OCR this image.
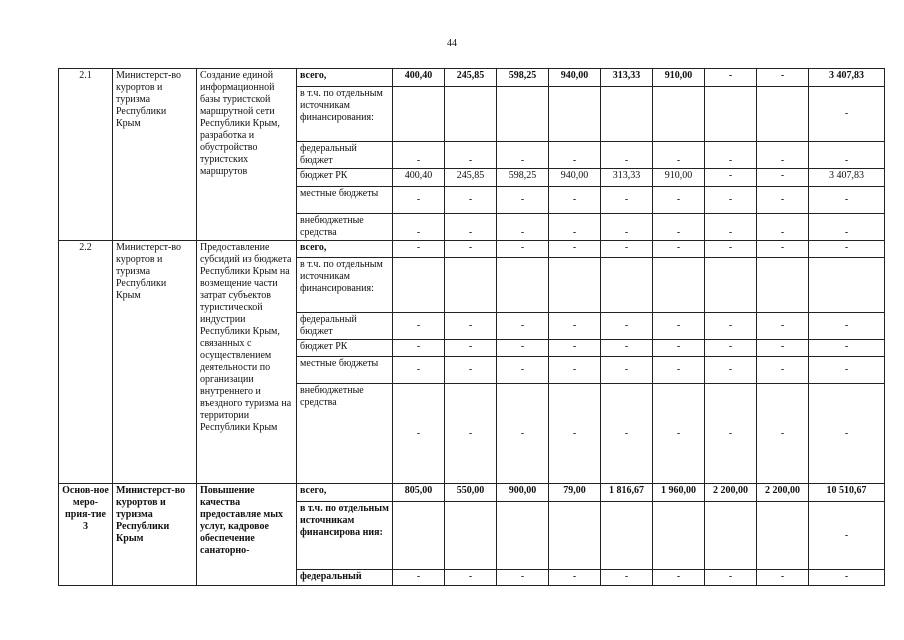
44
2.1	Министерст-во курортов и туризма Республики Крым	Создание единой информационной базы туристской маршрутной сети Республики Крым, разработка и обустройство туристских маршрутов	всего,	400,40	245,85	598,25	940,00	313,33	910,00	-	-	3 407,83
			в т.ч. по отдельным источникам финансирования:									-
			федеральный бюджет	-	-	-	-	-	-	-	-	-
			бюджет РК	400,40	245,85	598,25	940,00	313,33	910,00	-	-	3 407,83
			местные бюджеты	-	-	-	-	-	-	-	-	-
			внебюджетные средства	-	-	-	-	-	-	-	-	-
2.2	Министерст-во курортов и туризма Республики Крым	Предоставление субсидий из бюджета Республики Крым на возмещение части затрат субъектов туристической индустрии Республики Крым, связанных с осуществлением деятельности по организации внутреннего и въездного туризма на территории Республики Крым	всего,	-	-	-	-	-	-	-	-	-
			в т.ч. по отдельным источникам финансирования:									
			федеральный бюджет	-	-	-	-	-	-	-	-	-
			бюджет РК	-	-	-	-	-	-	-	-	-
			местные бюджеты	-	-	-	-	-	-	-	-	-
			внебюджетные средства	-	-	-	-	-	-	-	-	-
Основ-ное меро-прия-тие 3	Министерст-во курортов и туризма Республики Крым	Повышение качества предоставляе мых услуг, кадровое обеспечение санаторно-	всего,	805,00	550,00	900,00	79,00	1 816,67	1 960,00	2 200,00	2 200,00	10 510,67
			в т.ч. по отдельным источникам финансирова ния:									-
			федеральный	-	-	-	-	-	-	-	-	-
